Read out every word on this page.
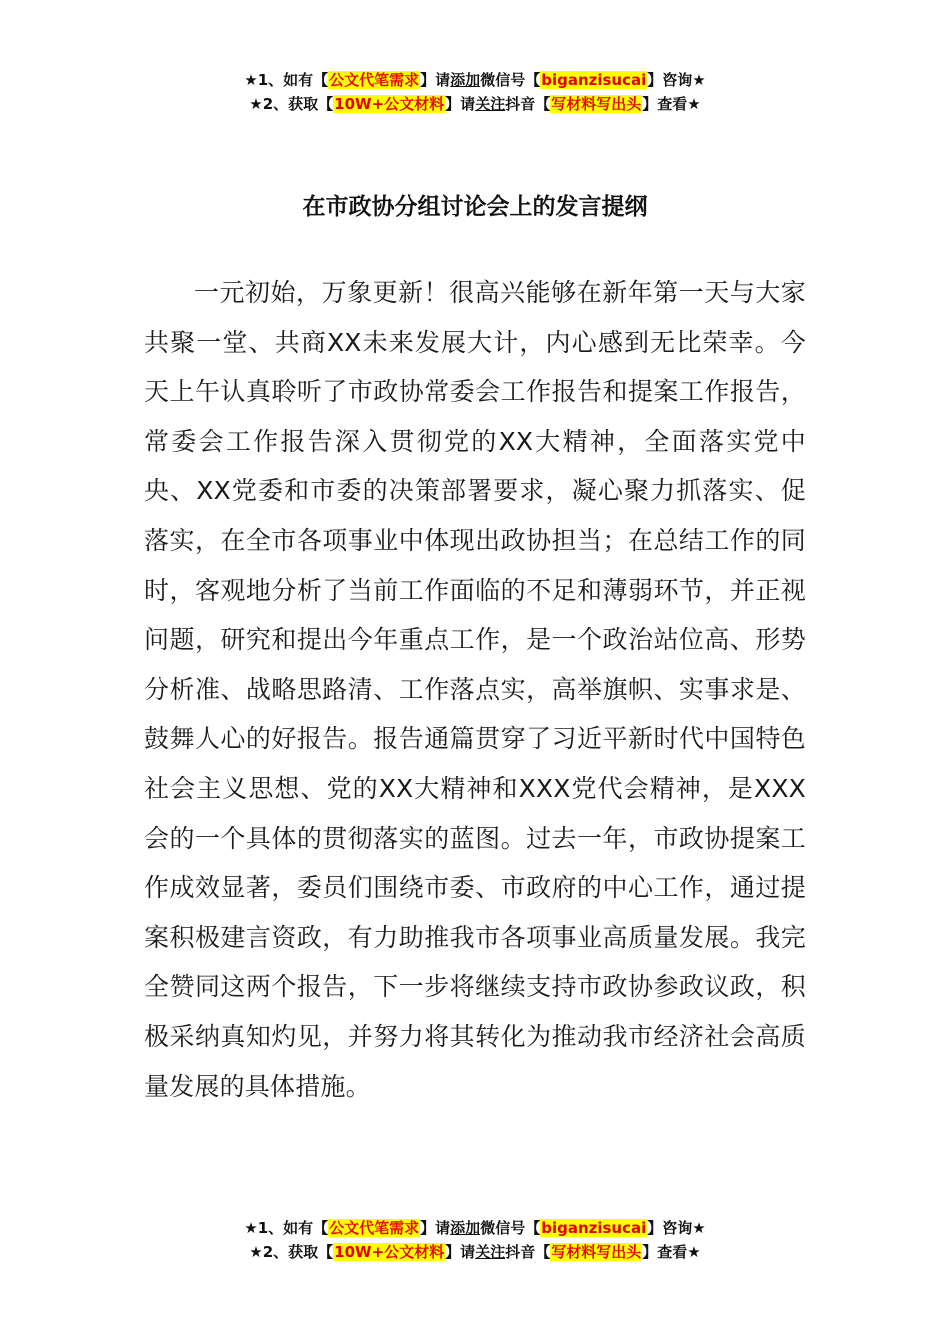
★1、如有【公文代笔需求】请添加微信号【biganzisucai】咨询★
★2、获取【10W+公文材料】请关注抖音【写材料写出头】查看★
在市政协分组讨论会上的发言提纲

一元初始，万象更新！很高兴能够在新年第一天与大家共聚一堂、共商XX未来发展大计，内心感到无比荣幸。今天上午认真聆听了市政协常委会工作报告和提案工作报告，常委会工作报告深入贯彻党的XX大精神，全面落实党中央、XX党委和市委的决策部署要求，凝心聚力抓落实、促落实，在全市各项事业中体现出政协担当；在总结工作的同时，客观地分析了当前工作面临的不足和薄弱环节，并正视问题，研究和提出今年重点工作，是一个政治站位高、形势分析准、战略思路清、工作落点实，高举旗帜、实事求是、鼓舞人心的好报告。报告通篇贯穿了习近平新时代中国特色社会主义思想、党的XX大精神和XXX党代会精神，是XXX会的一个具体的贯彻落实的蓝图。过去一年，市政协提案工作成效显著，委员们围绕市委、市政府的中心工作，通过提案积极建言资政，有力助推我市各项事业高质量发展。我完全赞同这两个报告，下一步将继续支持市政协参政议政，积极采纳真知灼见，并努力将其转化为推动我市经济社会高质量发展的具体措施。

★1、如有【公文代笔需求】请添加微信号【biganzisucai】咨询★
★2、获取【10W+公文材料】请关注抖音【写材料写出头】查看★
